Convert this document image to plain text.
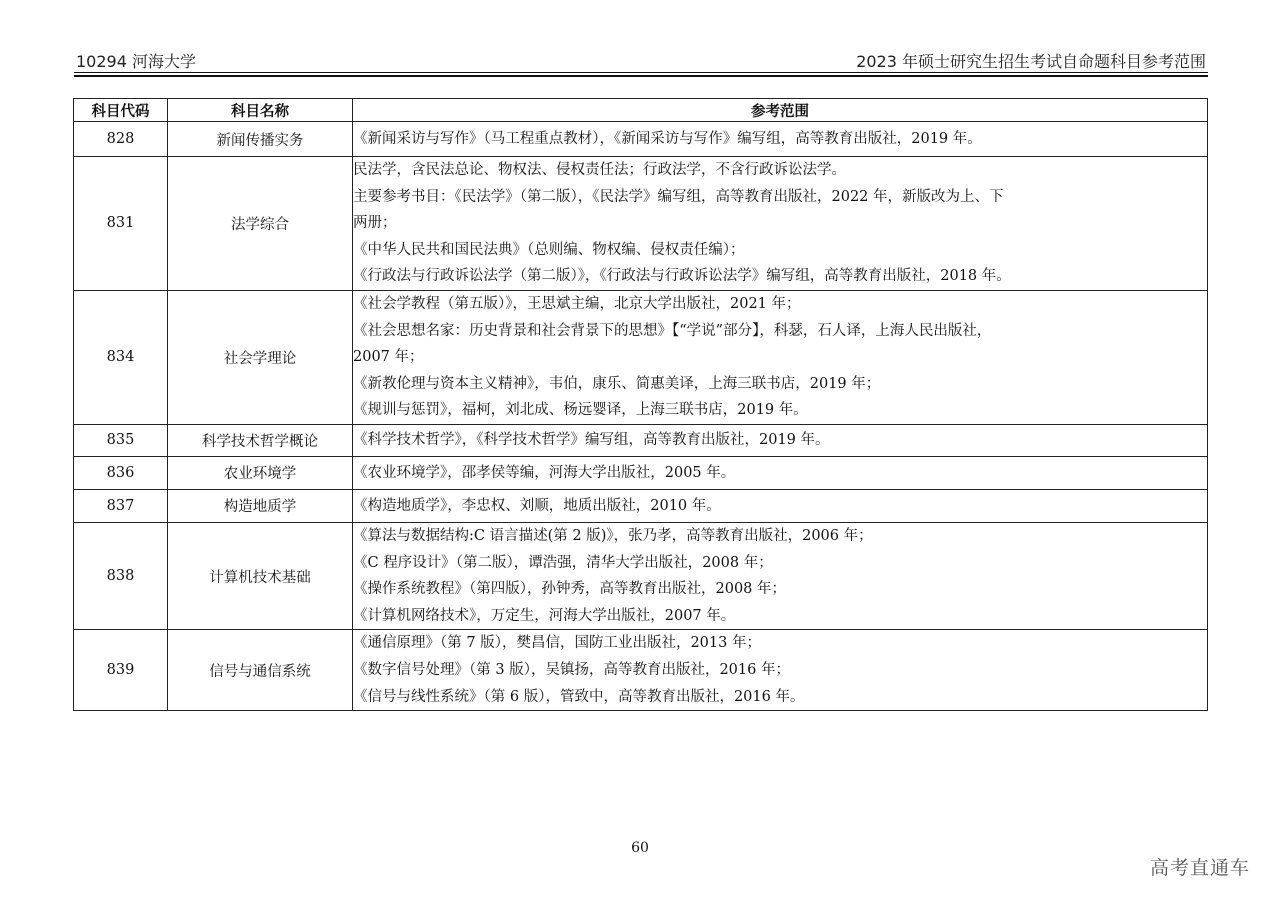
10294 河海大学	2023 年硕士研究生招生考试自命题科目参考范围
科目代码	科目名称	参考范围
828	新闻传播实务	《新闻采访与写作》（马工程重点教材），《新闻采访与写作》编写组，高等教育出版社，2019 年。

831	法学综合	民法学，含民法总论、物权法、侵权责任法；行政法学，不含行政诉讼法学。
主要参考书目：《民法学》（第二版），《民法学》编写组，高等教育出版社，2022 年，新版改为上、下
两册；
《中华人民共和国民法典》（总则编、物权编、侵权责任编）；
《行政法与行政诉讼法学（第二版）》，《行政法与行政诉讼法学》编写组，高等教育出版社，2018 年。

834	社会学理论	《社会学教程（第五版）》，王思斌主编，北京大学出版社，2021 年；
《社会思想名家：历史背景和社会背景下的思想》【“学说”部分】，科瑟，石人译，上海人民出版社，
2007 年；
《新教伦理与资本主义精神》，韦伯，康乐、简惠美译，上海三联书店，2019 年；
《规训与惩罚》，福柯，刘北成、杨远婴译，上海三联书店，2019 年。

835	科学技术哲学概论	《科学技术哲学》，《科学技术哲学》编写组，高等教育出版社，2019 年。

836	农业环境学	《农业环境学》，邵孝侯等编，河海大学出版社，2005 年。

837	构造地质学	《构造地质学》，李忠权、刘顺，地质出版社，2010 年。

838	计算机技术基础	《算法与数据结构:C 语言描述(第 2 版)》，张乃孝，高等教育出版社，2006 年；
《C 程序设计》（第二版），谭浩强，清华大学出版社，2008 年；
《操作系统教程》（第四版），孙钟秀，高等教育出版社，2008 年；
《计算机网络技术》，万定生，河海大学出版社，2007 年。

839	信号与通信系统	《通信原理》（第 7 版），樊昌信，国防工业出版社，2013 年；
《数字信号处理》（第 3 版），吴镇扬，高等教育出版社，2016 年；
《信号与线性系统》（第 6 版），管致中，高等教育出版社，2016 年。
60
高考直通车
